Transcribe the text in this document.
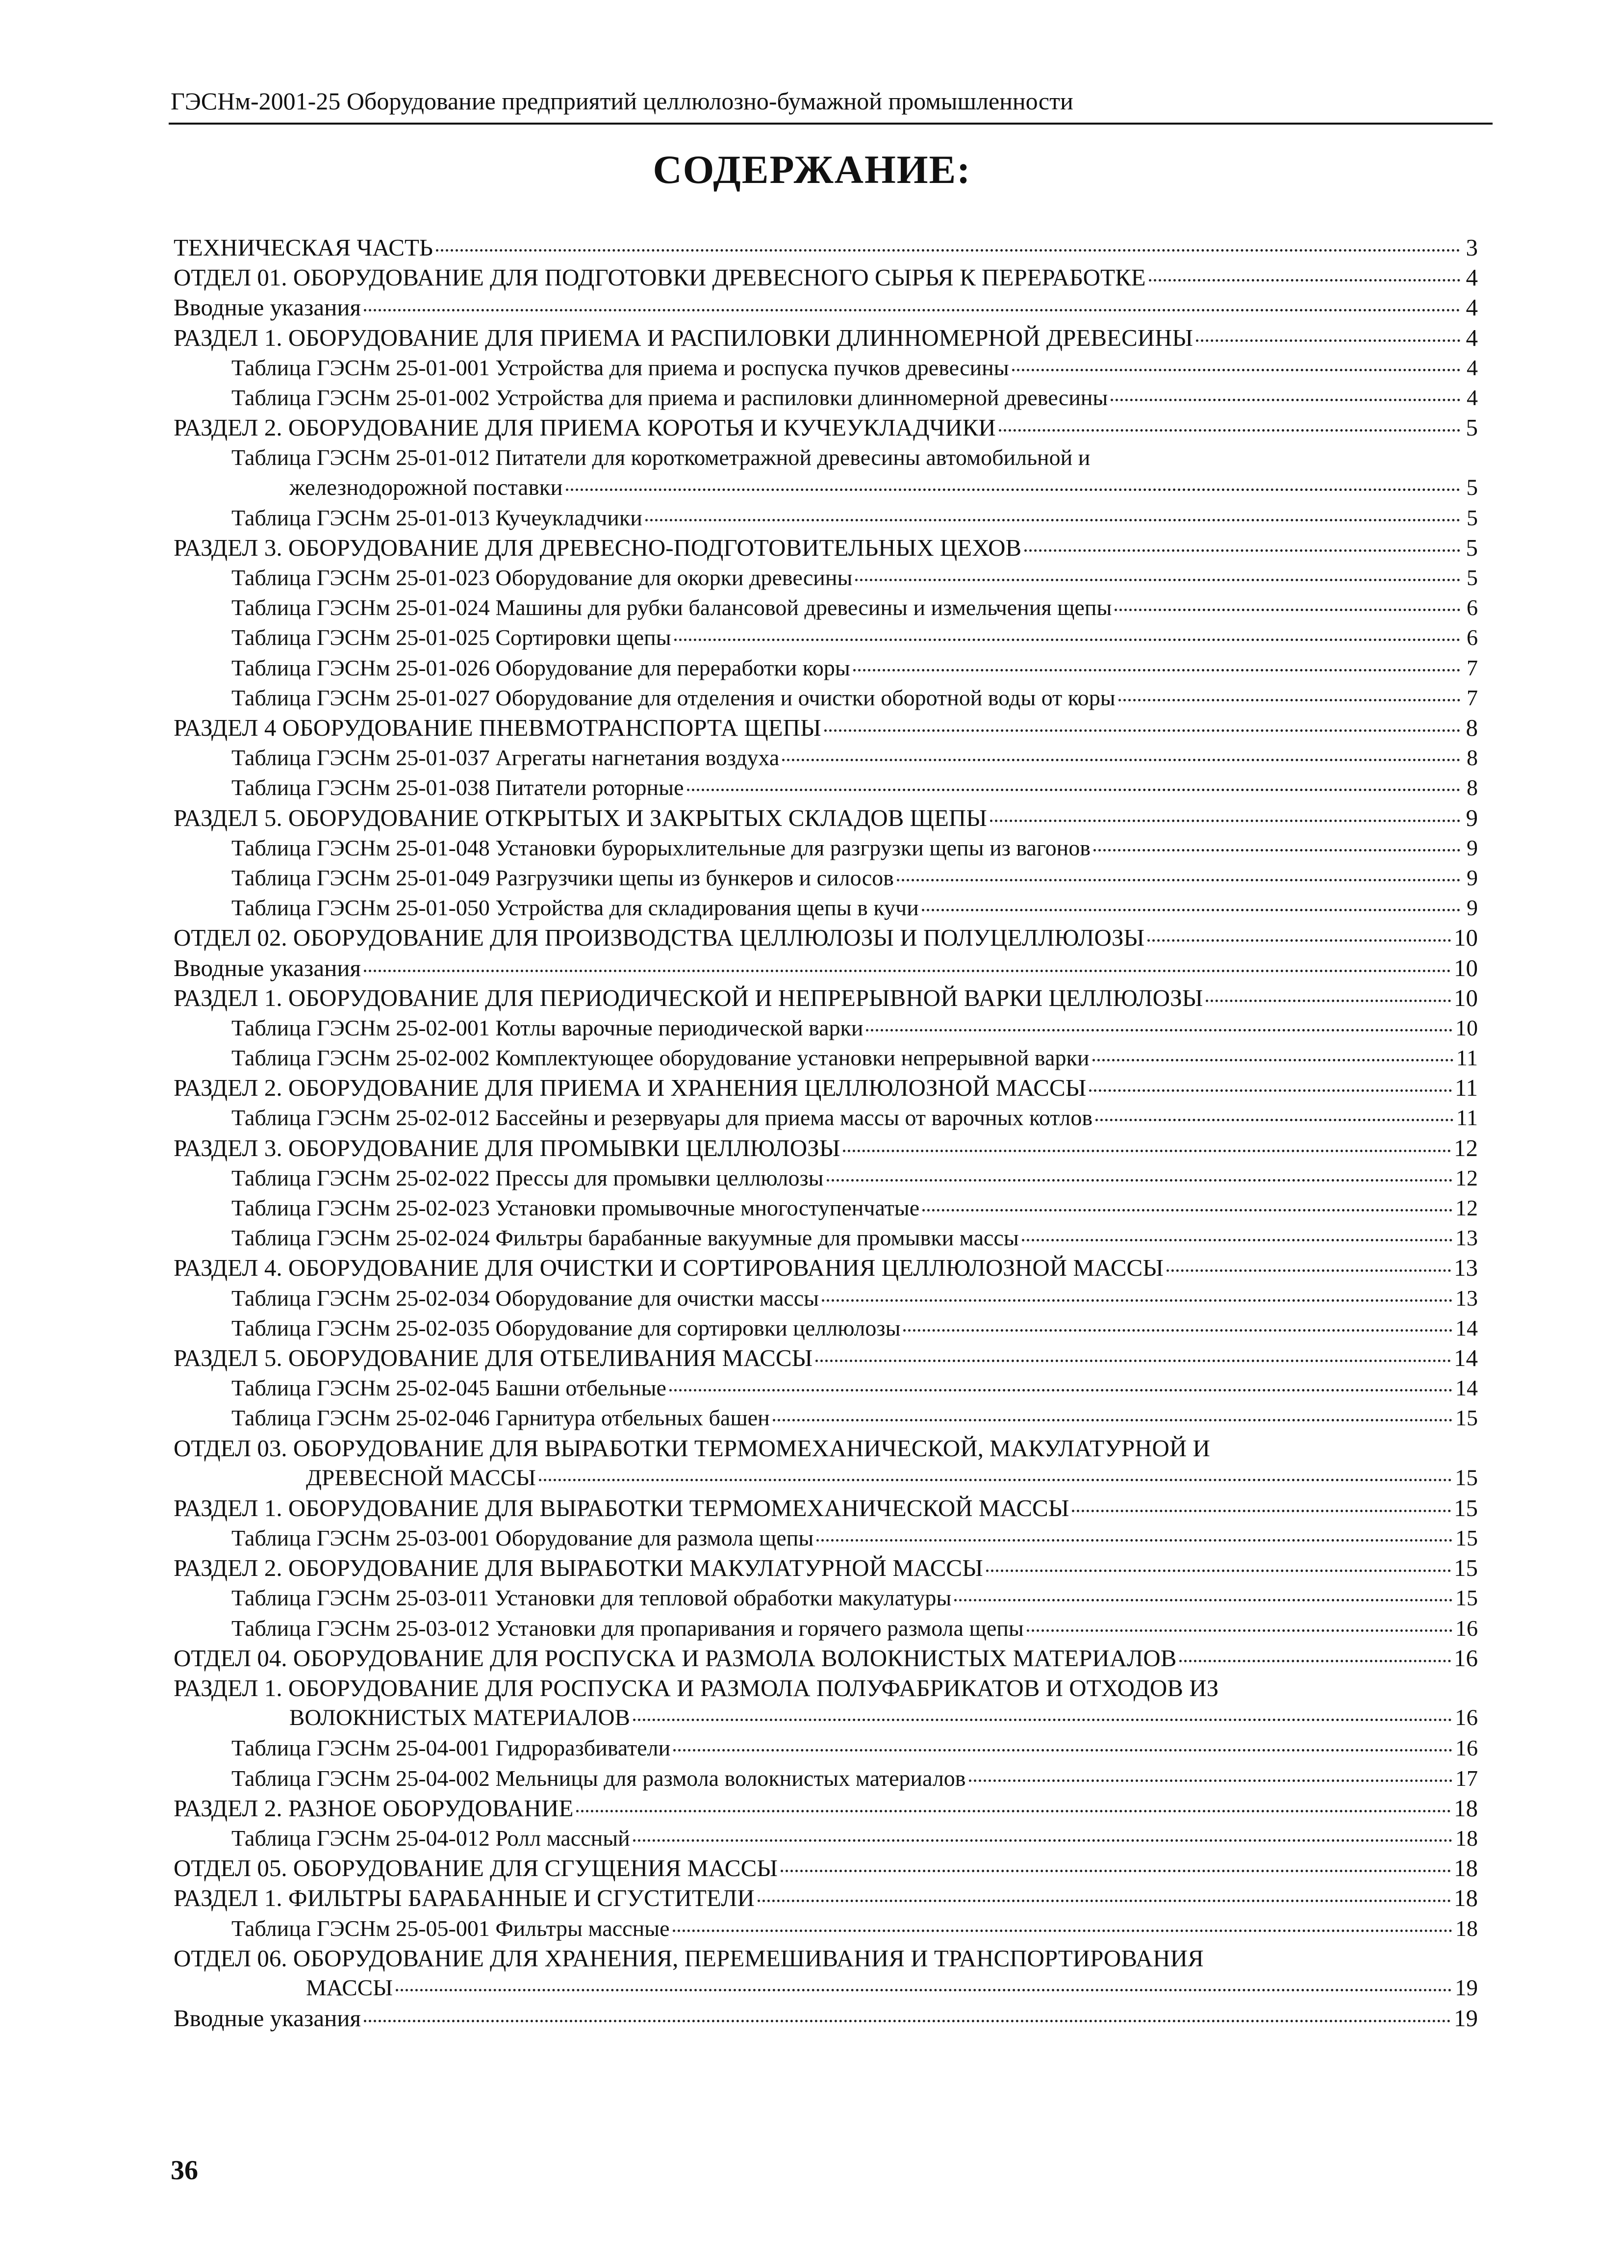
ГЭСНм-2001-25 Оборудование предприятий целлюлозно-бумажной промышленности
СОДЕРЖАНИЕ:
ТЕХНИЧЕСКАЯ ЧАСТЬ	3
ОТДЕЛ 01. ОБОРУДОВАНИЕ ДЛЯ ПОДГОТОВКИ ДРЕВЕСНОГО СЫРЬЯ К ПЕРЕРАБОТКЕ	4
Вводные указания	4
РАЗДЕЛ 1. ОБОРУДОВАНИЕ ДЛЯ ПРИЕМА И РАСПИЛОВКИ ДЛИННОМЕРНОЙ ДРЕВЕСИНЫ	4
Таблица ГЭСНм 25-01-001 Устройства для приема и роспуска пучков древесины	4
Таблица ГЭСНм 25-01-002 Устройства для приема и распиловки длинномерной древесины	4
РАЗДЕЛ 2. ОБОРУДОВАНИЕ ДЛЯ ПРИЕМА КОРОТЬЯ И КУЧЕУКЛАДЧИКИ	5
Таблица ГЭСНм 25-01-012 Питатели для короткометражной древесины автомобильной и
железнодорожной поставки	5
Таблица ГЭСНм 25-01-013 Кучеукладчики	5
РАЗДЕЛ 3. ОБОРУДОВАНИЕ ДЛЯ ДРЕВЕСНО-ПОДГОТОВИТЕЛЬНЫХ ЦЕХОВ	5
Таблица ГЭСНм 25-01-023 Оборудование для окорки древесины	5
Таблица ГЭСНм 25-01-024 Машины для рубки балансовой древесины и измельчения щепы	6
Таблица ГЭСНм 25-01-025 Сортировки щепы	6
Таблица ГЭСНм 25-01-026 Оборудование для переработки коры	7
Таблица ГЭСНм 25-01-027 Оборудование для отделения и очистки оборотной воды от коры	7
РАЗДЕЛ 4 ОБОРУДОВАНИЕ ПНЕВМОТРАНСПОРТА ЩЕПЫ	8
Таблица ГЭСНм 25-01-037 Агрегаты нагнетания воздуха	8
Таблица ГЭСНм 25-01-038 Питатели роторные	8
РАЗДЕЛ 5. ОБОРУДОВАНИЕ ОТКРЫТЫХ И ЗАКРЫТЫХ СКЛАДОВ ЩЕПЫ	9
Таблица ГЭСНм 25-01-048 Установки бурорыхлительные для разгрузки щепы из вагонов	9
Таблица ГЭСНм 25-01-049 Разгрузчики щепы из бункеров и силосов	9
Таблица ГЭСНм 25-01-050 Устройства для складирования щепы в кучи	9
ОТДЕЛ 02. ОБОРУДОВАНИЕ ДЛЯ ПРОИЗВОДСТВА ЦЕЛЛЮЛОЗЫ И ПОЛУЦЕЛЛЮЛОЗЫ	10
Вводные указания	10
РАЗДЕЛ 1. ОБОРУДОВАНИЕ ДЛЯ ПЕРИОДИЧЕСКОЙ И НЕПРЕРЫВНОЙ ВАРКИ ЦЕЛЛЮЛОЗЫ	10
Таблица ГЭСНм 25-02-001 Котлы варочные периодической варки	10
Таблица ГЭСНм 25-02-002 Комплектующее оборудование установки непрерывной варки	11
РАЗДЕЛ 2. ОБОРУДОВАНИЕ ДЛЯ ПРИЕМА И ХРАНЕНИЯ ЦЕЛЛЮЛОЗНОЙ МАССЫ	11
Таблица ГЭСНм 25-02-012 Бассейны и резервуары для приема массы от варочных котлов	11
РАЗДЕЛ 3. ОБОРУДОВАНИЕ ДЛЯ ПРОМЫВКИ ЦЕЛЛЮЛОЗЫ	12
Таблица ГЭСНм 25-02-022 Прессы для промывки целлюлозы	12
Таблица ГЭСНм 25-02-023 Установки промывочные многоступенчатые	12
Таблица ГЭСНм 25-02-024 Фильтры барабанные вакуумные для промывки массы	13
РАЗДЕЛ 4. ОБОРУДОВАНИЕ ДЛЯ ОЧИСТКИ И СОРТИРОВАНИЯ ЦЕЛЛЮЛОЗНОЙ МАССЫ	13
Таблица ГЭСНм 25-02-034 Оборудование для очистки массы	13
Таблица ГЭСНм 25-02-035 Оборудование для сортировки целлюлозы	14
РАЗДЕЛ 5. ОБОРУДОВАНИЕ ДЛЯ ОТБЕЛИВАНИЯ МАССЫ	14
Таблица ГЭСНм 25-02-045 Башни отбельные	14
Таблица ГЭСНм 25-02-046 Гарнитура отбельных башен	15
ОТДЕЛ 03. ОБОРУДОВАНИЕ ДЛЯ ВЫРАБОТКИ ТЕРМОМЕХАНИЧЕСКОЙ, МАКУЛАТУРНОЙ И
ДРЕВЕСНОЙ МАССЫ	15
РАЗДЕЛ 1. ОБОРУДОВАНИЕ ДЛЯ ВЫРАБОТКИ ТЕРМОМЕХАНИЧЕСКОЙ МАССЫ	15
Таблица ГЭСНм 25-03-001 Оборудование для размола щепы	15
РАЗДЕЛ 2. ОБОРУДОВАНИЕ ДЛЯ ВЫРАБОТКИ МАКУЛАТУРНОЙ МАССЫ	15
Таблица ГЭСНм 25-03-011 Установки для тепловой обработки макулатуры	15
Таблица ГЭСНм 25-03-012 Установки для пропаривания и горячего размола щепы	16
ОТДЕЛ 04. ОБОРУДОВАНИЕ ДЛЯ РОСПУСКА И РАЗМОЛА ВОЛОКНИСТЫХ МАТЕРИАЛОВ	16
РАЗДЕЛ 1. ОБОРУДОВАНИЕ ДЛЯ РОСПУСКА И РАЗМОЛА ПОЛУФАБРИКАТОВ И ОТХОДОВ ИЗ
ВОЛОКНИСТЫХ МАТЕРИАЛОВ	16
Таблица ГЭСНм 25-04-001 Гидроразбиватели	16
Таблица ГЭСНм 25-04-002 Мельницы для размола волокнистых материалов	17
РАЗДЕЛ 2. РАЗНОЕ ОБОРУДОВАНИЕ	18
Таблица ГЭСНм 25-04-012 Ролл массный	18
ОТДЕЛ 05. ОБОРУДОВАНИЕ ДЛЯ СГУЩЕНИЯ МАССЫ	18
РАЗДЕЛ 1. ФИЛЬТРЫ БАРАБАННЫЕ И СГУСТИТЕЛИ	18
Таблица ГЭСНм 25-05-001 Фильтры массные	18
ОТДЕЛ 06. ОБОРУДОВАНИЕ ДЛЯ ХРАНЕНИЯ, ПЕРЕМЕШИВАНИЯ И ТРАНСПОРТИРОВАНИЯ
МАССЫ	19
Вводные указания	19
36
